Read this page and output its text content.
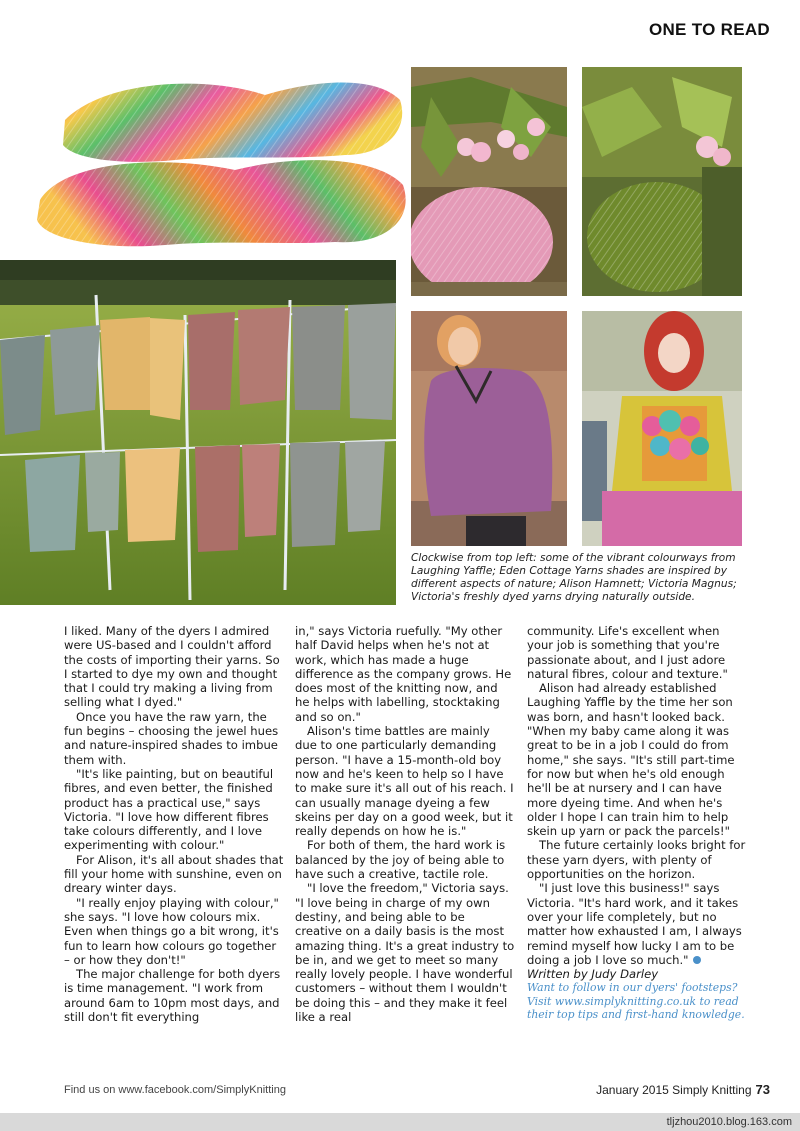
ONE TO READ
Clockwise from top left: some of the vibrant colourways from Laughing Yaffle; Eden Cottage Yarns shades are inspired by different aspects of nature; Alison Hamnett; Victoria Magnus; Victoria's freshly dyed yarns drying naturally outside.

I liked. Many of the dyers I admired were US-based and I couldn't afford the costs of importing their yarns. So I started to dye my own and thought that I could try making a living from selling what I dyed."

Once you have the raw yarn, the fun begins – choosing the jewel hues and nature-inspired shades to imbue them with.

"It's like painting, but on beautiful fibres, and even better, the finished product has a practical use," says Victoria. "I love how different fibres take colours differently, and I love experimenting with colour."

For Alison, it's all about shades that fill your home with sunshine, even on dreary winter days.

"I really enjoy playing with colour," she says. "I love how colours mix. Even when things go a bit wrong, it's fun to learn how colours go together – or how they don't!"

The major challenge for both dyers is time management. "I work from around 6am to 10pm most days, and still don't fit everything

in," says Victoria ruefully. "My other half David helps when he's not at work, which has made a huge difference as the company grows. He does most of the knitting now, and he helps with labelling, stocktaking and so on."

Alison's time battles are mainly due to one particularly demanding person. "I have a 15-month-old boy now and he's keen to help so I have to make sure it's all out of his reach. I can usually manage dyeing a few skeins per day on a good week, but it really depends on how he is."

For both of them, the hard work is balanced by the joy of being able to have such a creative, tactile role.

"I love the freedom," Victoria says. "I love being in charge of my own destiny, and being able to be creative on a daily basis is the most amazing thing. It's a great industry to be in, and we get to meet so many really lovely people. I have wonderful customers – without them I wouldn't be doing this – and they make it feel like a real

community. Life's excellent when your job is something that you're passionate about, and I just adore natural fibres, colour and texture."

Alison had already established Laughing Yaffle by the time her son was born, and hasn't looked back. "When my baby came along it was great to be in a job I could do from home," she says. "It's still part-time for now but when he's old enough he'll be at nursery and I can have more dyeing time. And when he's older I hope I can train him to help skein up yarn or pack the parcels!"

The future certainly looks bright for these yarn dyers, with plenty of opportunities on the horizon.

"I just love this business!" says Victoria. "It's hard work, and it takes over your life completely, but no matter how exhausted I am, I always remind myself how lucky I am to be doing a job I love so much."

Written by Judy Darley

Want to follow in our dyers' footsteps? Visit www.simplyknitting.co.uk to read their top tips and first-hand knowledge.

Find us on www.facebook.com/SimplyKnitting	January 2015 Simply Knitting 73
tljzhou2010.blog.163.com
